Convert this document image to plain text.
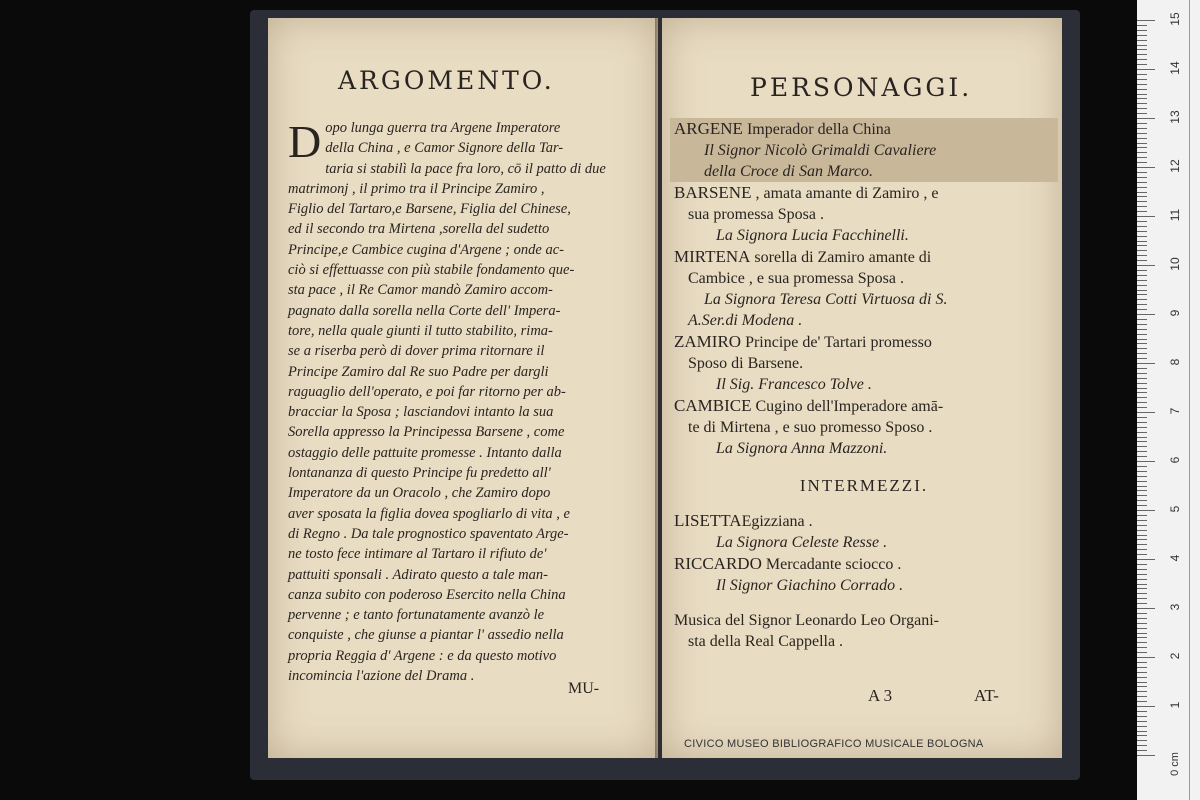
ARGOMENTO.
D opo lunga guerra tra Argene Imperatore
della China , e Camor Signore della Tar-
taria si stabilì la pace fra loro, cō il patto di due
matrimonj , il primo tra il Principe Zamiro ,
Figlio del Tartaro,e Barsene, Figlia del Chinese,
ed il secondo tra Mirtena ,sorella del sudetto
Principe,e Cambice cugina d'Argene ; onde ac-
ciò si effettuasse con più stabile fondamento que-
sta pace , il Re Camor mandò Zamiro accom-
pagnato dalla sorella nella Corte dell' Impera-
tore, nella quale giunti il tutto stabilito, rima-
se a riserba però di dover prima ritornare il
Principe Zamiro dal Re suo Padre per dargli
raguaglio dell'operato, e poi far ritorno per ab-
bracciar la Sposa ; lasciandovi intanto la sua
Sorella appresso la Principessa Barsene , come
ostaggio delle pattuite promesse . Intanto dalla
lontananza di questo Principe fu predetto all'
Imperatore da un Oracolo , che Zamiro dopo
aver sposata la figlia dovea spogliarlo di vita , e
di Regno . Da tale prognostico spaventato Arge-
ne tosto fece intimare al Tartaro il rifiuto de'
pattuiti sponsali . Adirato questo a tale man-
canza subito con poderoso Esercito nella China
pervenne ; e tanto fortunatamente avanzò le
conquiste , che giunse a piantar l' assedio nella
propria Reggia d' Argene : e da questo motivo
incomincia l'azione del Drama .
MU-
PERSONAGGI.
ARGENE Imperador della China
Il Signor Nicolò Grimaldi Cavaliere
della Croce di San Marco.
BARSENE , amata amante di Zamiro , e
sua promessa Sposa .
La Signora Lucia Facchinelli.
MIRTENA sorella di Zamiro amante di
Cambice , e sua promessa Sposa .
La Signora Teresa Cotti Virtuosa di S.
A.Ser.di Modena .
ZAMIRO Principe de' Tartari promesso
Sposo di Barsene.
Il Sig. Francesco Tolve .
CAMBICE Cugino dell'Imperadore amā-
te di Mirtena , e suo promesso Sposo .
La Signora Anna Mazzoni.
INTERMEZZI.
LISETTAEgizziana .
La Signora Celeste Resse .
RICCARDO Mercadante sciocco .
Il Signor Giachino Corrado .
Musica del Signor Leonardo Leo Organi-
sta della Real Cappella .
A 3	AT-
CIVICO MUSEO BIBLIOGRAFICO MUSICALE BOLOGNA
0 cm
1
2
3
4
5
6
7
8
9
10
11
12
13
14
15
